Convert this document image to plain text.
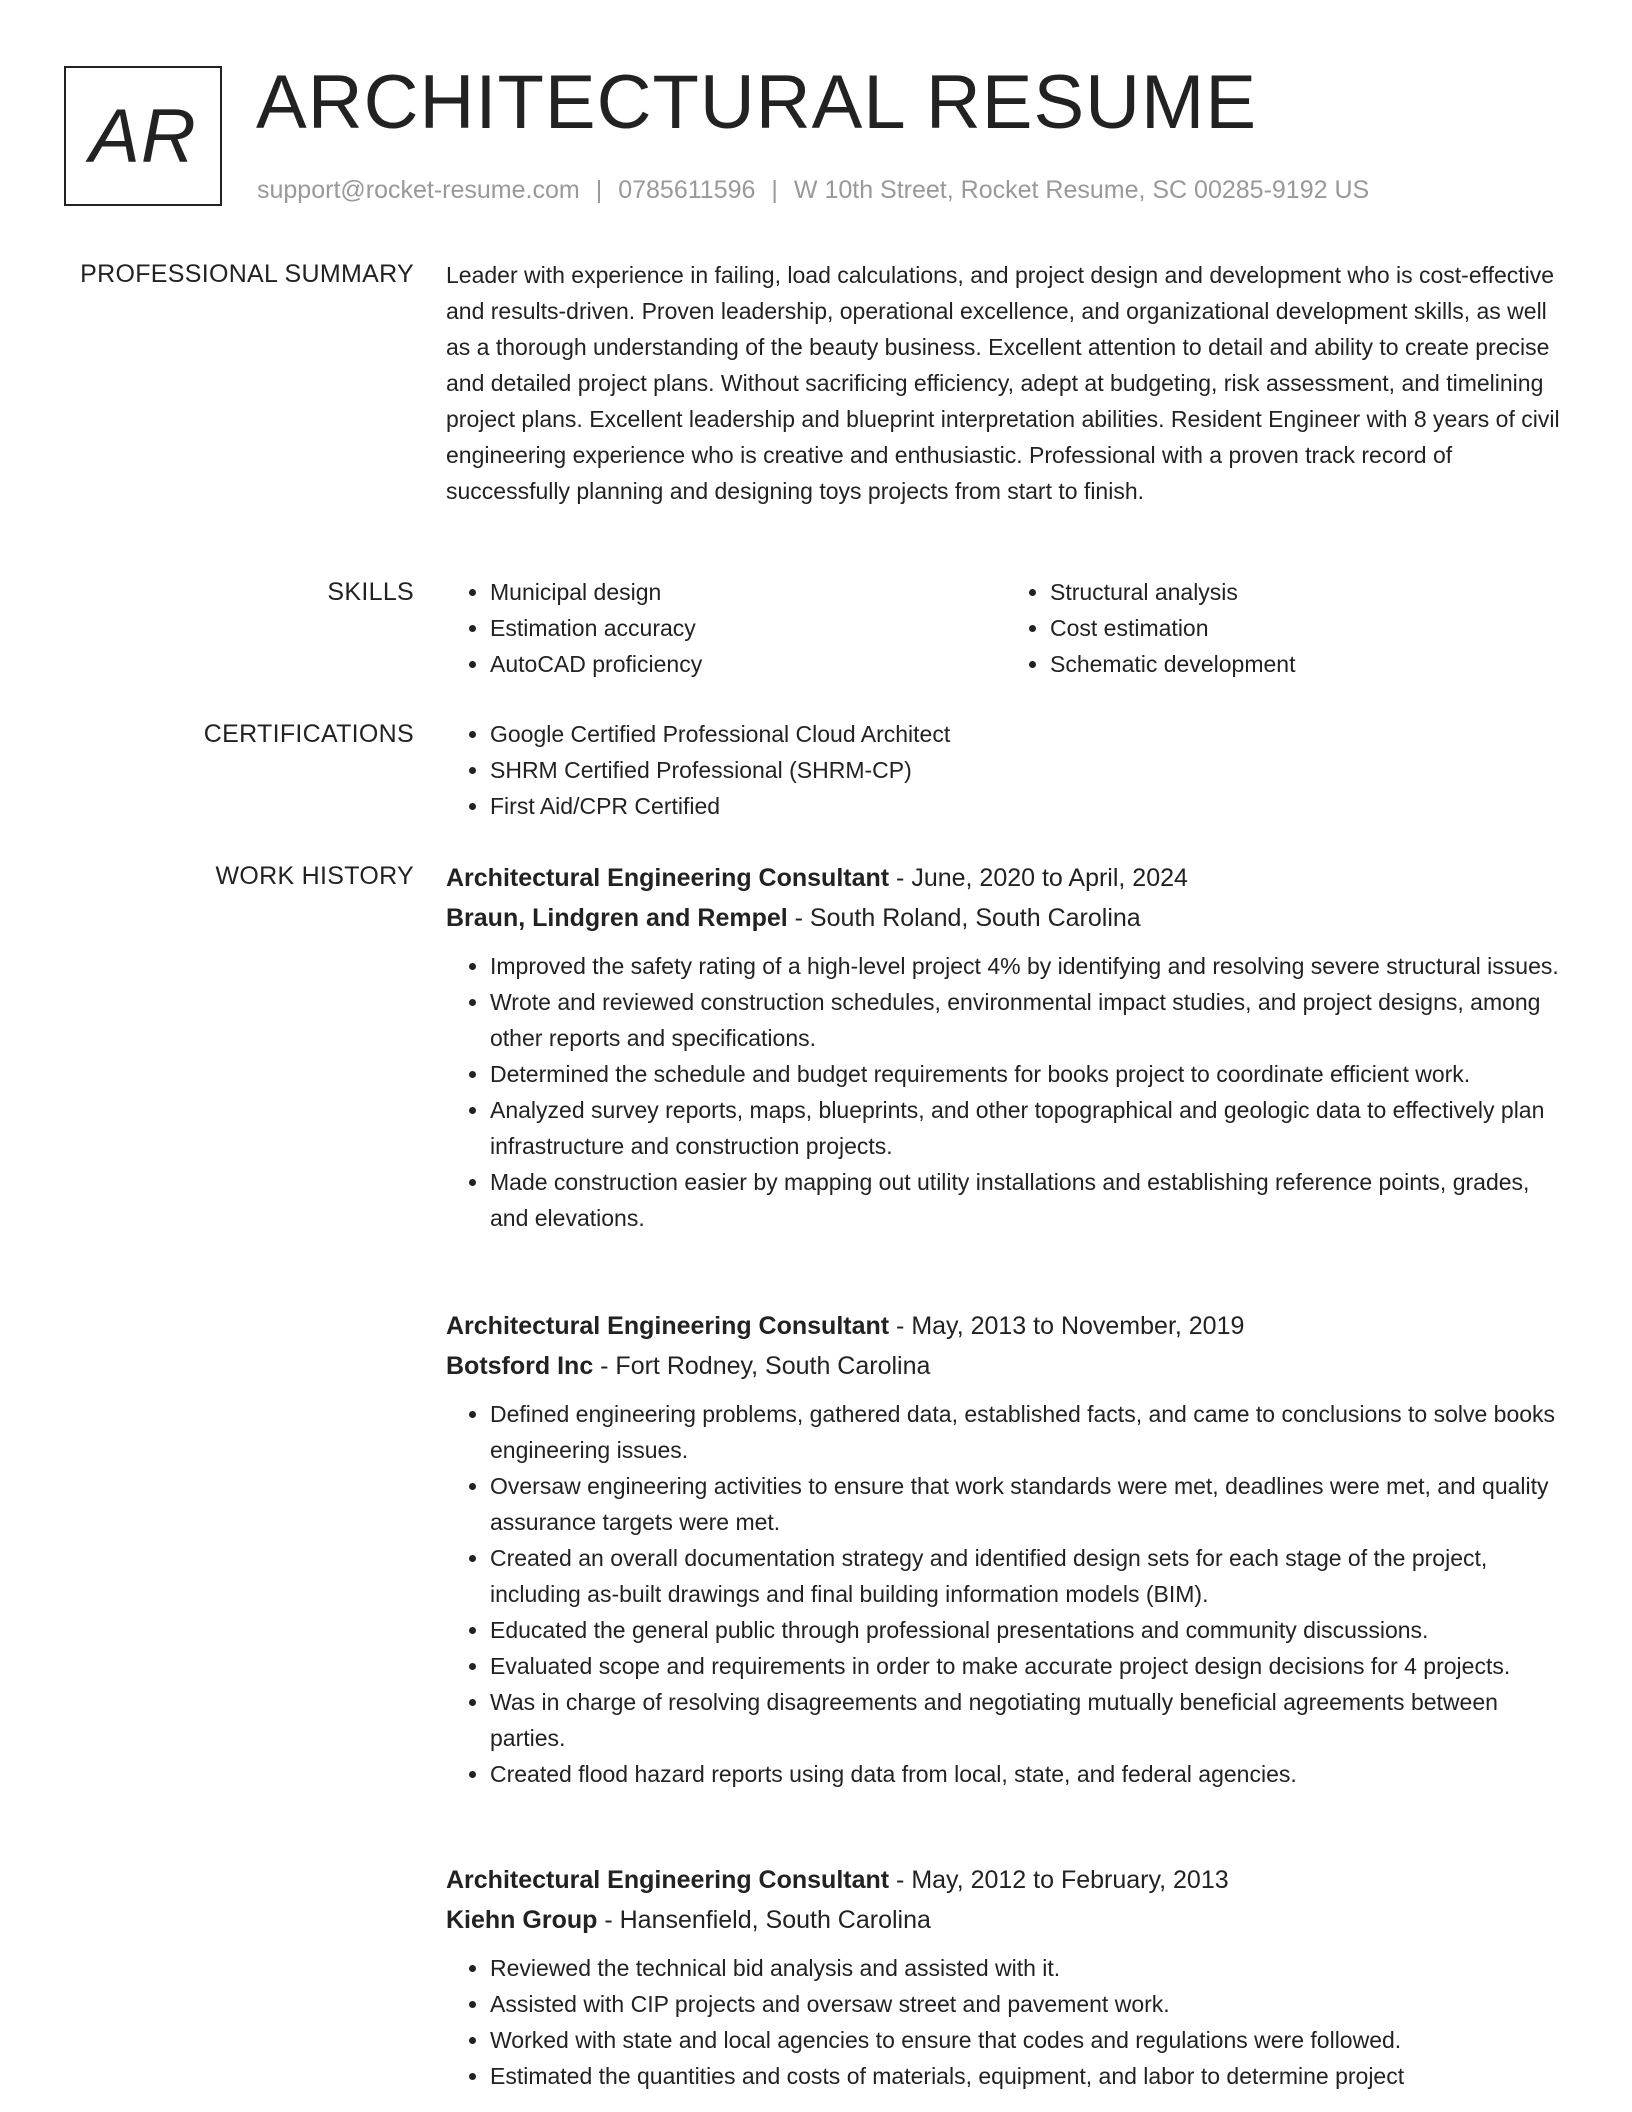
AR ARCHITECTURAL RESUME
support@rocket-resume.com | 0785611596 | W 10th Street, Rocket Resume, SC 00285-9192 US
PROFESSIONAL SUMMARY Leader with experience in failing, load calculations, and project design and development who is cost-effective and results-driven. Proven leadership, operational excellence, and organizational development skills, as well as a thorough understanding of the beauty business. Excellent attention to detail and ability to create precise and detailed project plans. Without sacrificing efficiency, adept at budgeting, risk assessment, and timelining project plans. Excellent leadership and blueprint interpretation abilities. Resident Engineer with 8 years of civil engineering experience who is creative and enthusiastic. Professional with a proven track record of successfully planning and designing toys projects from start to finish.

SKILLS	• Municipal design
• Estimation accuracy
• AutoCAD proficiency
• Structural analysis
• Cost estimation
• Schematic development
CERTIFICATIONS	• Google Certified Professional Cloud Architect
• SHRM Certified Professional (SHRM-CP)
• First Aid/CPR Certified
WORK HISTORY Architectural Engineering Consultant - June, 2020 to April, 2024

Braun, Lindgren and Rempel - South Roland, South Carolina

• Improved the safety rating of a high-level project 4% by identifying and resolving severe structural issues.
• Wrote and reviewed construction schedules, environmental impact studies, and project designs, among other reports and specifications.
• Determined the schedule and budget requirements for books project to coordinate efficient work.
• Analyzed survey reports, maps, blueprints, and other topographical and geologic data to effectively plan infrastructure and construction projects.
• Made construction easier by mapping out utility installations and establishing reference points, grades, and elevations.

Architectural Engineering Consultant - May, 2013 to November, 2019

Botsford Inc - Fort Rodney, South Carolina

• Defined engineering problems, gathered data, established facts, and came to conclusions to solve books engineering issues.
• Oversaw engineering activities to ensure that work standards were met, deadlines were met, and quality assurance targets were met.
• Created an overall documentation strategy and identified design sets for each stage of the project, including as-built drawings and final building information models (BIM).
• Educated the general public through professional presentations and community discussions.
• Evaluated scope and requirements in order to make accurate project design decisions for 4 projects.
• Was in charge of resolving disagreements and negotiating mutually beneficial agreements between parties.
• Created flood hazard reports using data from local, state, and federal agencies.

Architectural Engineering Consultant - May, 2012 to February, 2013

Kiehn Group - Hansenfield, South Carolina

• Reviewed the technical bid analysis and assisted with it.
• Assisted with CIP projects and oversaw street and pavement work.
• Worked with state and local agencies to ensure that codes and regulations were followed.
• Estimated the quantities and costs of materials, equipment, and labor to determine project
